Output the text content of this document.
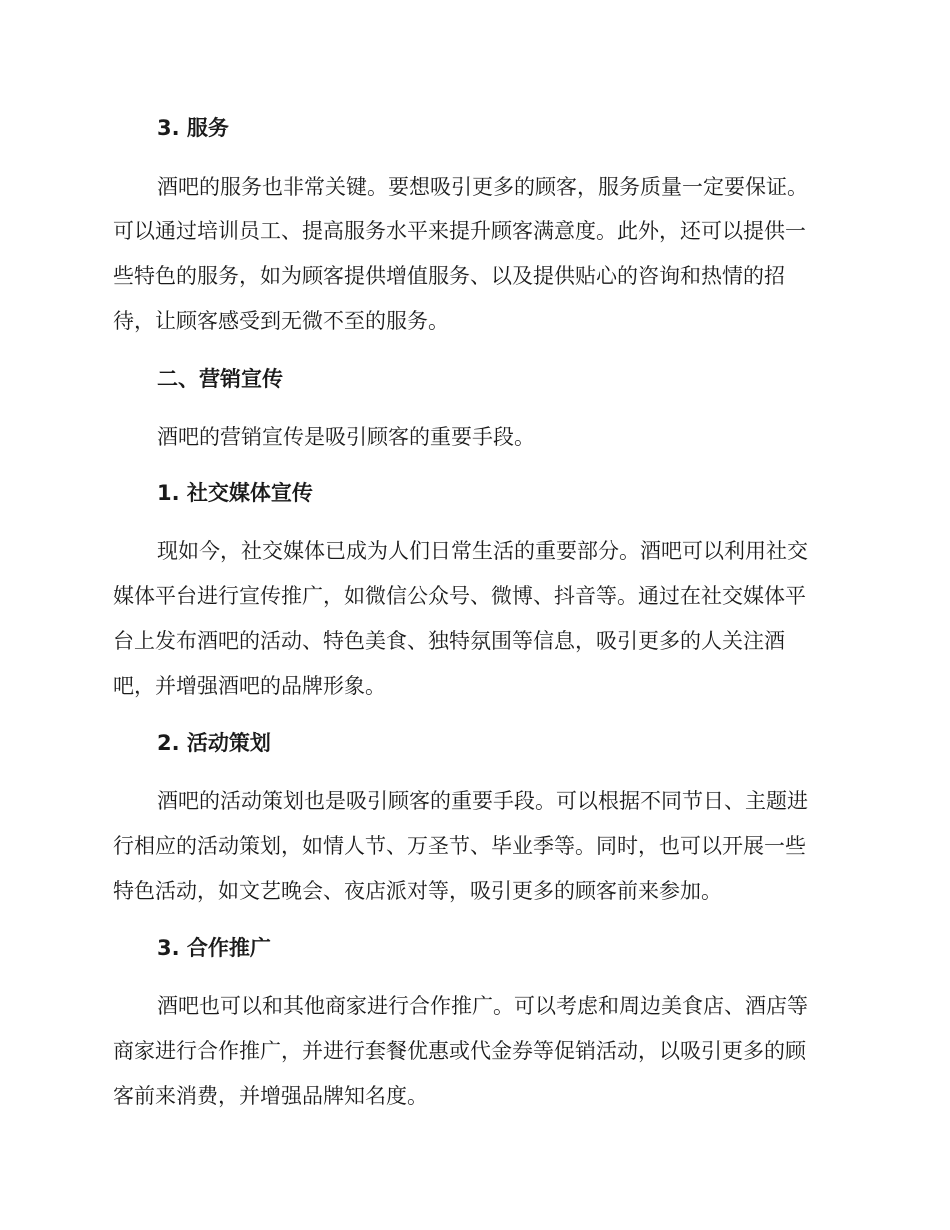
3. 服务
酒吧的服务也非常关键。要想吸引更多的顾客，服务质量一定要保证。
可以通过培训员工、提高服务水平来提升顾客满意度。此外，还可以提供一
些特色的服务，如为顾客提供增值服务、以及提供贴心的咨询和热情的招
待，让顾客感受到无微不至的服务。
二、营销宣传
酒吧的营销宣传是吸引顾客的重要手段。
1. 社交媒体宣传
现如今，社交媒体已成为人们日常生活的重要部分。酒吧可以利用社交
媒体平台进行宣传推广，如微信公众号、微博、抖音等。通过在社交媒体平
台上发布酒吧的活动、特色美食、独特氛围等信息，吸引更多的人关注酒
吧，并增强酒吧的品牌形象。
2. 活动策划
酒吧的活动策划也是吸引顾客的重要手段。可以根据不同节日、主题进
行相应的活动策划，如情人节、万圣节、毕业季等。同时，也可以开展一些
特色活动，如文艺晚会、夜店派对等，吸引更多的顾客前来参加。
3. 合作推广
酒吧也可以和其他商家进行合作推广。可以考虑和周边美食店、酒店等
商家进行合作推广，并进行套餐优惠或代金券等促销活动，以吸引更多的顾
客前来消费，并增强品牌知名度。
